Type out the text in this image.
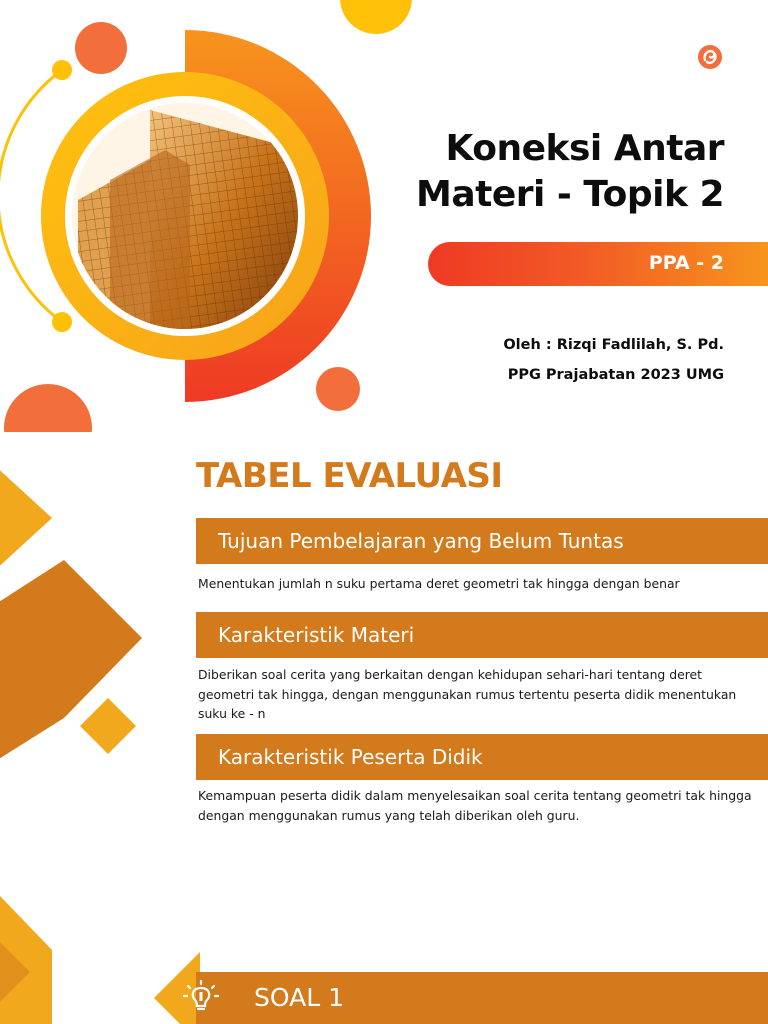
Koneksi Antar
Materi - Topik 2
PPA - 2
Oleh : Rizqi Fadlilah, S. Pd.
PPG Prajabatan 2023 UMG
TABEL EVALUASI
Tujuan Pembelajaran yang Belum Tuntas
Menentukan jumlah n suku pertama deret geometri tak hingga dengan benar
Karakteristik Materi
Diberikan soal cerita yang berkaitan dengan kehidupan sehari-hari tentang deret geometri tak hingga, dengan menggunakan rumus tertentu peserta didik menentukan suku ke - n
Karakteristik Peserta Didik
Kemampuan peserta didik dalam menyelesaikan soal cerita tentang geometri tak hingga dengan menggunakan rumus yang telah diberikan oleh guru.
SOAL 1
